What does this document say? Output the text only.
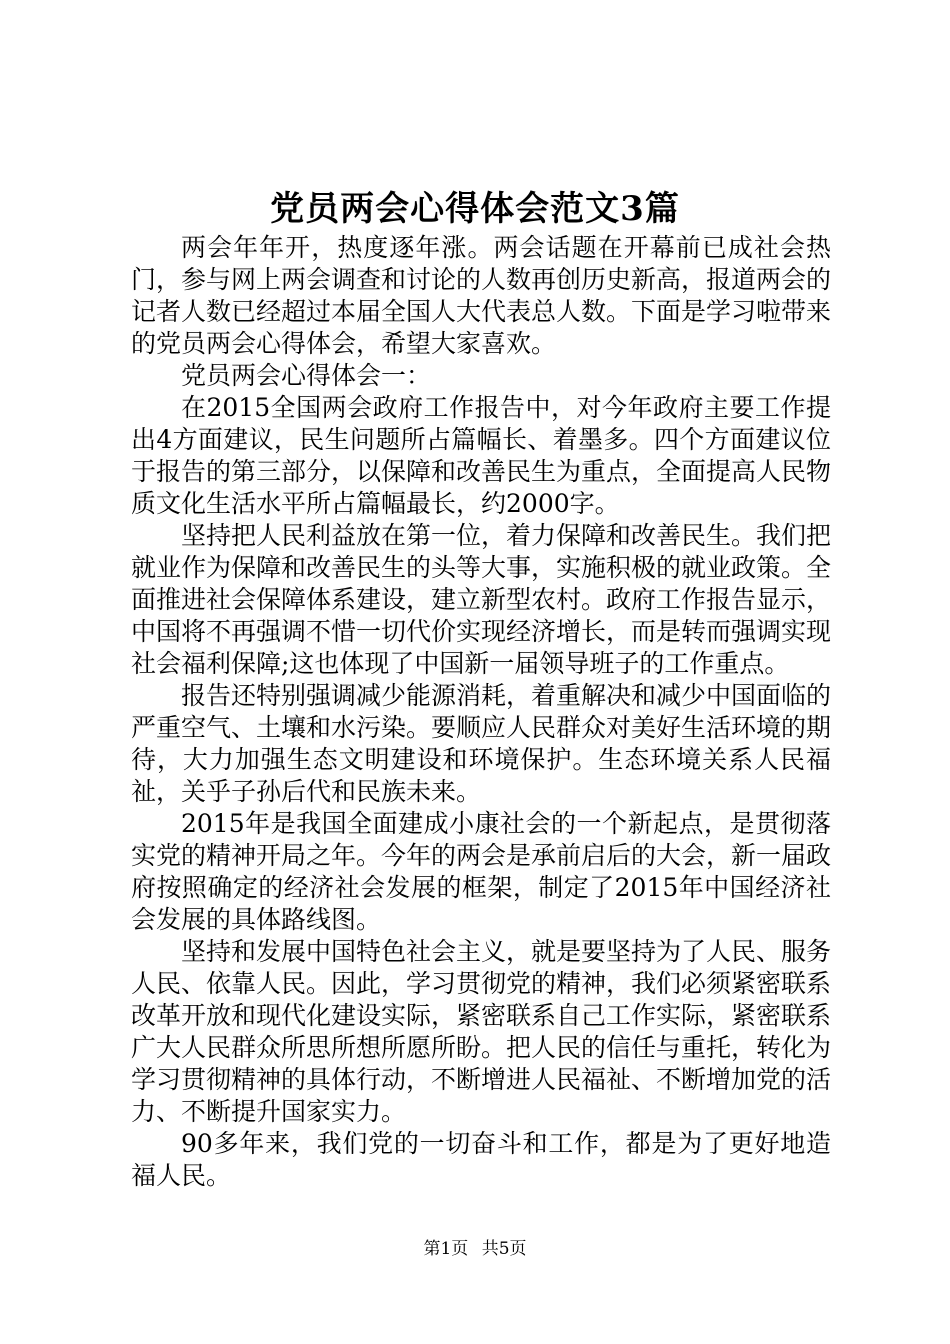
党员两会心得体会范文3篇

两会年年开，热度逐年涨。两会话题在开幕前已成社会热门，参与网上两会调查和讨论的人数再创历史新高，报道两会的记者人数已经超过本届全国人大代表总人数。下面是学习啦带来的党员两会心得体会，希望大家喜欢。

党员两会心得体会一：

在2015全国两会政府工作报告中，对今年政府主要工作提出4方面建议，民生问题所占篇幅长、着墨多。四个方面建议位于报告的第三部分，以保障和改善民生为重点，全面提高人民物质文化生活水平所占篇幅最长，约2000字。

坚持把人民利益放在第一位，着力保障和改善民生。我们把就业作为保障和改善民生的头等大事，实施积极的就业政策。全面推进社会保障体系建设，建立新型农村。政府工作报告显示，中国将不再强调不惜一切代价实现经济增长，而是转而强调实现社会福利保障;这也体现了中国新一届领导班子的工作重点。

报告还特别强调减少能源消耗，着重解决和减少中国面临的严重空气、土壤和水污染。要顺应人民群众对美好生活环境的期待，大力加强生态文明建设和环境保护。生态环境关系人民福祉，关乎子孙后代和民族未来。

2015年是我国全面建成小康社会的一个新起点，是贯彻落实党的精神开局之年。今年的两会是承前启后的大会，新一届政府按照确定的经济社会发展的框架，制定了2015年中国经济社会发展的具体路线图。

坚持和发展中国特色社会主义，就是要坚持为了人民、服务人民、依靠人民。因此，学习贯彻党的精神，我们必须紧密联系改革开放和现代化建设实际，紧密联系自己工作实际，紧密联系广大人民群众所思所想所愿所盼。把人民的信任与重托，转化为学习贯彻精神的具体行动，不断增进人民福祉、不断增加党的活力、不断提升国家实力。

90多年来，我们党的一切奋斗和工作，都是为了更好地造福人民。

第1页 共5页
